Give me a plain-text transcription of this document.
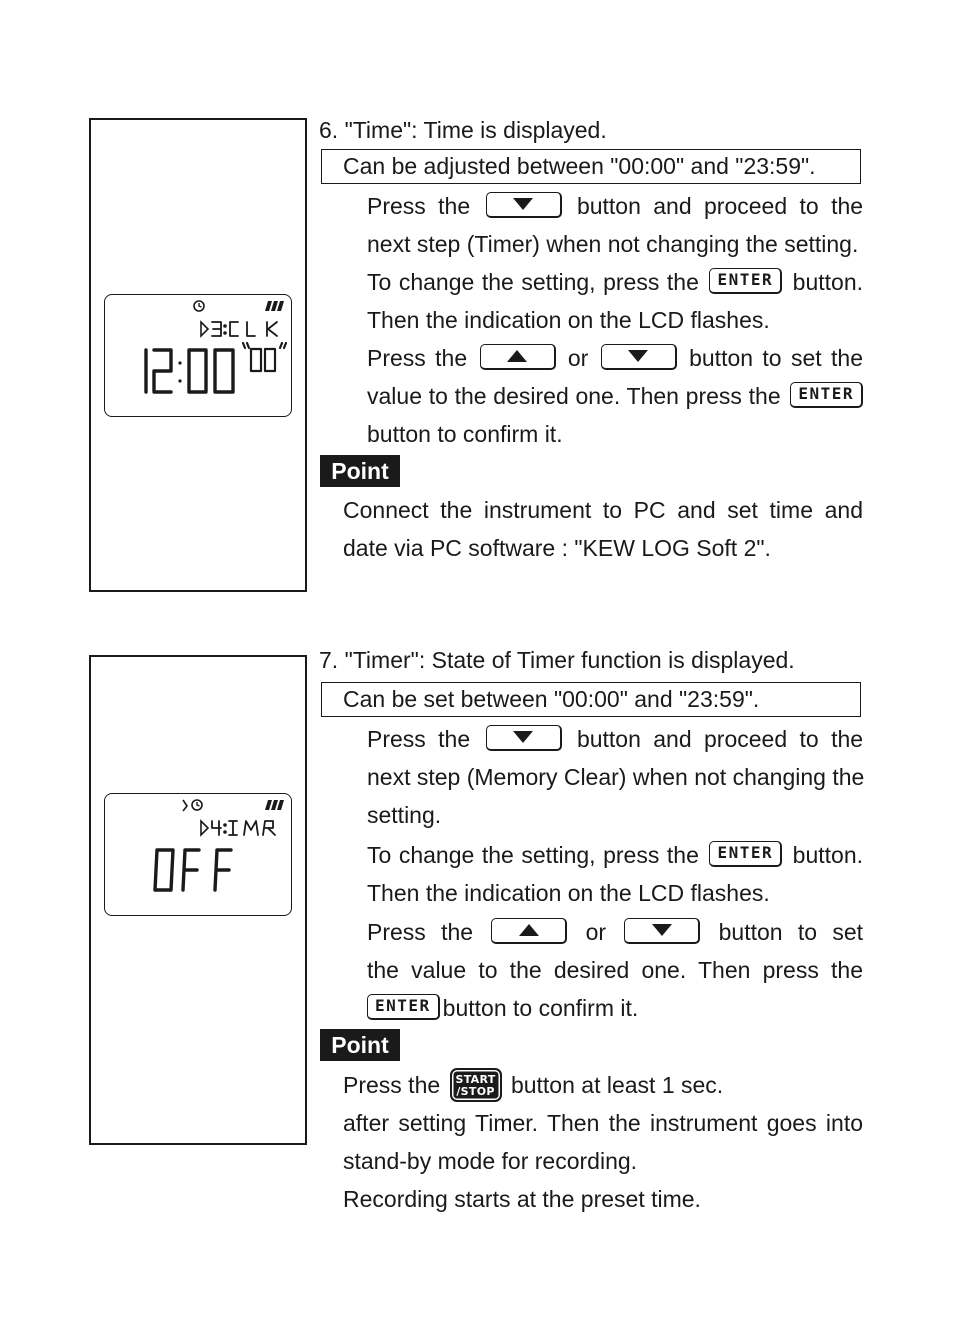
6. "Time": Time is displayed.
Can be adjusted between "00:00" and "23:59".
Press the	button and proceed to the
next step (Timer) when not changing the setting.
To change the setting, press the ENTER button.
Then the indication on the LCD flashes.
Press the	or	button to set the
value to the desired one. Then press the ENTER
button to confirm it.
Point
Connect the instrument to PC and set time and
date via PC software : "KEW LOG Soft 2".
7. "Timer": State of Timer function is displayed.
Can be set between "00:00" and "23:59".
Press the	button and proceed to the
next step (Memory Clear) when not changing the
setting.
To change the setting, press the ENTER button.
Then the indication on the LCD flashes.
Press the	or	button to set
the value to the desired one. Then press the
ENTER button to confirm it.
Point
Press the	START
/STOP button at least 1 sec.
after setting Timer. Then the instrument goes into
stand-by mode for recording.
Recording starts at the preset time.
